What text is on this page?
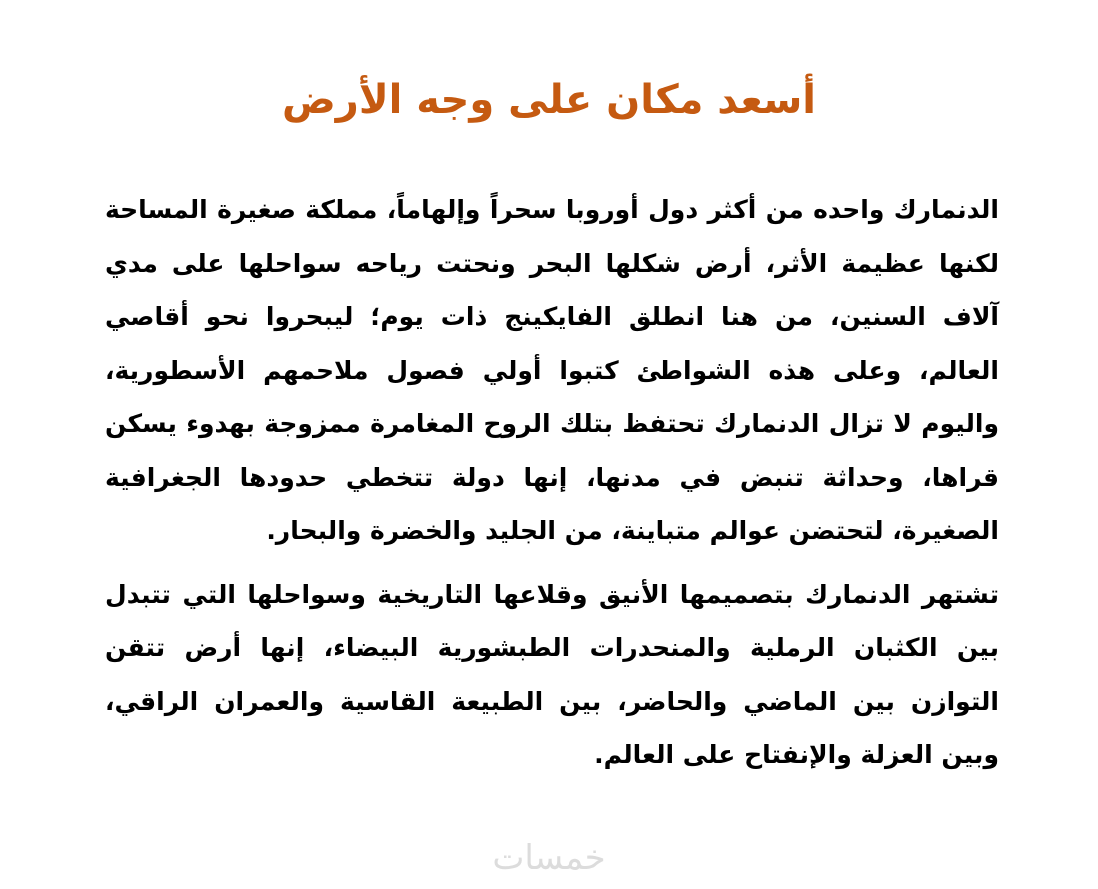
أسعد مكان على وجه الأرض

الدنمارك واحده من أكثر دول أوروبا سحراً وإلهاماً، مملكة صغيرة المساحة لكنها عظيمة الأثر، أرض شكلها البحر ونحتت رياحه سواحلها على مدي آلاف السنين، من هنا انطلق الفايكينج ذات يوم؛ ليبحروا نحو أقاصي العالم، وعلى هذه الشواطئ كتبوا أولي فصول ملاحمهم الأسطورية، واليوم لا تزال الدنمارك تحتفظ بتلك الروح المغامرة ممزوجة بهدوء يسكن قراها، وحداثة تنبض في مدنها، إنها دولة تتخطي حدودها الجغرافية الصغيرة، لتحتضن عوالم متباينة، من الجليد والخضرة والبحار.

تشتهر الدنمارك بتصميمها الأنيق وقلاعها التاريخية وسواحلها التي تتبدل بين الكثبان الرملية والمنحدرات الطبشورية البيضاء، إنها أرض تتقن التوازن بين الماضي والحاضر، بين الطبيعة القاسية والعمران الراقي، وبين العزلة والإنفتاح على العالم.

خمسات
